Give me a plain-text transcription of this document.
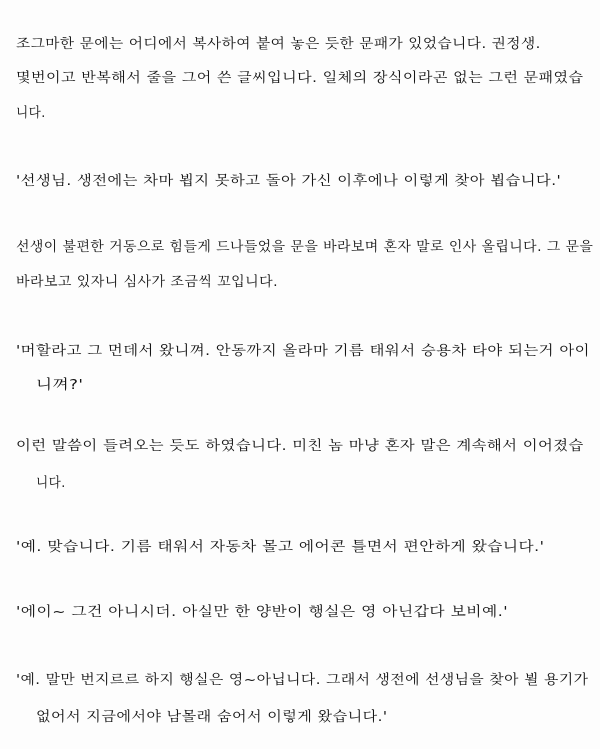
조그마한 문에는 어디에서 복사하여 붙여 놓은 듯한 문패가 있었습니다. 권정생.
몇번이고 반복해서 줄을 그어 쓴 글씨입니다. 일체의 장식이라곤 없는 그런 문패였습
니다.
'선생님. 생전에는 차마 뵙지 못하고 돌아 가신 이후에나 이렇게 찾아 뵙습니다.'
선생이 불편한 거동으로 힘들게 드나들었을 문을 바라보며 혼자 말로 인사 올립니다. 그 문을
바라보고 있자니 심사가 조금씩 꼬입니다.
'머할라고 그 먼데서 왔니껴. 안동까지 올라마 기름 태워서 승용차 타야 되는거 아이
니껴?'
이런 말씀이 들려오는 듯도 하였습니다. 미친 놈 마냥 혼자 말은 계속해서 이어졌습
니다.
'예. 맞습니다. 기름 태워서 자동차 몰고 에어콘 틀면서 편안하게 왔습니다.'
'에이~ 그건 아니시더. 아실만 한 양반이 행실은 영 아닌갑다 보비예.'
'예. 말만 번지르르 하지 행실은 영~아닙니다. 그래서 생전에 선생님을 찾아 뵐 용기가
없어서 지금에서야 남몰래 숨어서 이렇게 왔습니다.'
